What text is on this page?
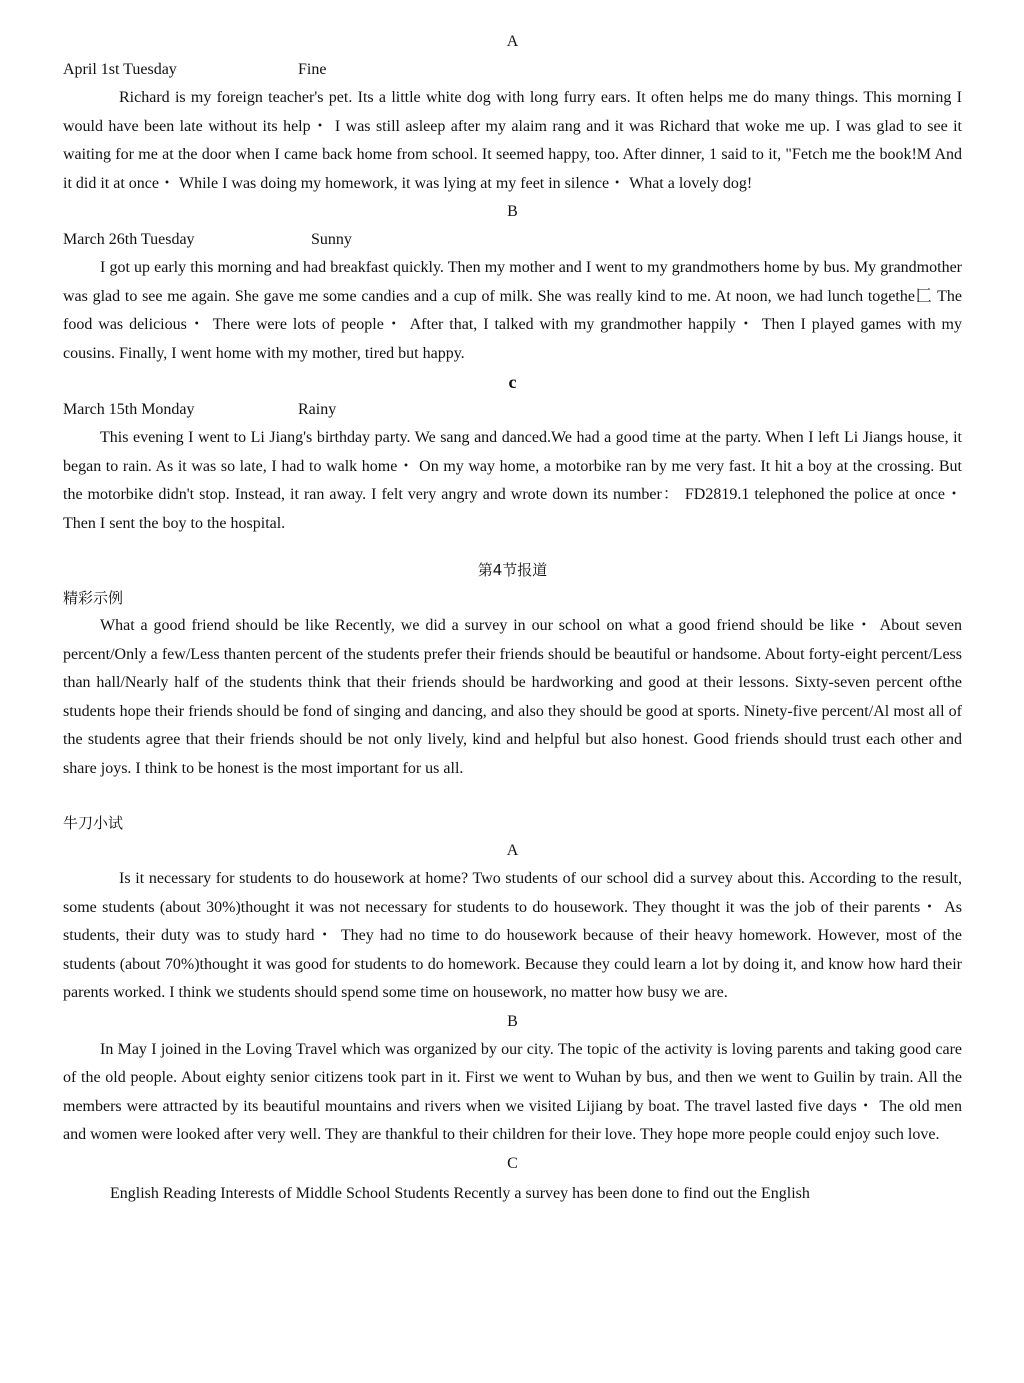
A
April 1st Tuesday	Fine

Richard is my foreign teacher's pet. Its a little white dog with long furry ears. It often helps me do many things. This morning I would have been late without its help・ I was still asleep after my alaim rang and it was Richard that woke me up. I was glad to see it waiting for me at the door when I came back home from school. It seemed happy, too. After dinner, 1 said to it, "Fetch me the book!M And it did it at once・ While I was doing my homework, it was lying at my feet in silence・ What a lovely dog!

B
March 26th Tuesday	Sunny

I got up early this morning and had breakfast quickly. Then my mother and I went to my grandmothers home by bus. My grandmother was glad to see me again. She gave me some candies and a cup of milk. She was really kind to me. At noon, we had lunch togethe匚 The food was delicious・ There were lots of people・ After that, I talked with my grandmother happily・ Then I played games with my cousins. Finally, I went home with my mother, tired but happy.

c
March 15th Monday	Rainy

This evening I went to Li Jiang's birthday party. We sang and danced.We had a good time at the party. When I left Li Jiangs house, it began to rain. As it was so late, I had to walk home・ On my way home, a motorbike ran by me very fast. It hit a boy at the crossing. But the motorbike didn't stop. Instead, it ran away. I felt very angry and wrote down its number： FD2819.1 telephoned the police at once・ Then I sent the boy to the hospital.

第4节报道
精彩示例

What a good friend should be like Recently, we did a survey in our school on what a good friend should be like・ About seven percent/Only a few/Less thanten percent of the students prefer their friends should be beautiful or handsome. About forty-eight percent/Less than hall/Nearly half of the students think that their friends should be hardworking and good at their lessons. Sixty-seven percent ofthe students hope their friends should be fond of singing and dancing, and also they should be good at sports. Ninety-five percent/Al most all of the students agree that their friends should be not only lively, kind and helpful but also honest. Good friends should trust each other and share joys. I think to be honest is the most important for us all.

牛刀小试
A

Is it necessary for students to do housework at home? Two students of our school did a survey about this. According to the result, some students (about 30%)thought it was not necessary for students to do housework. They thought it was the job of their parents・ As students, their duty was to study hard・ They had no time to do housework because of their heavy homework. However, most of the students (about 70%)thought it was good for students to do homework. Because they could learn a lot by doing it, and know how hard their parents worked. I think we students should spend some time on housework, no matter how busy we are.

B

In May I joined in the Loving Travel which was organized by our city. The topic of the activity is loving parents and taking good care of the old people. About eighty senior citizens took part in it. First we went to Wuhan by bus, and then we went to Guilin by train. All the members were attracted by its beautiful mountains and rivers when we visited Lijiang by boat. The travel lasted five days・ The old men and women were looked after very well. They are thankful to their children for their love. They hope more people could enjoy such love.

C

English Reading Interests of Middle School Students Recently a survey has been done to find out the English
